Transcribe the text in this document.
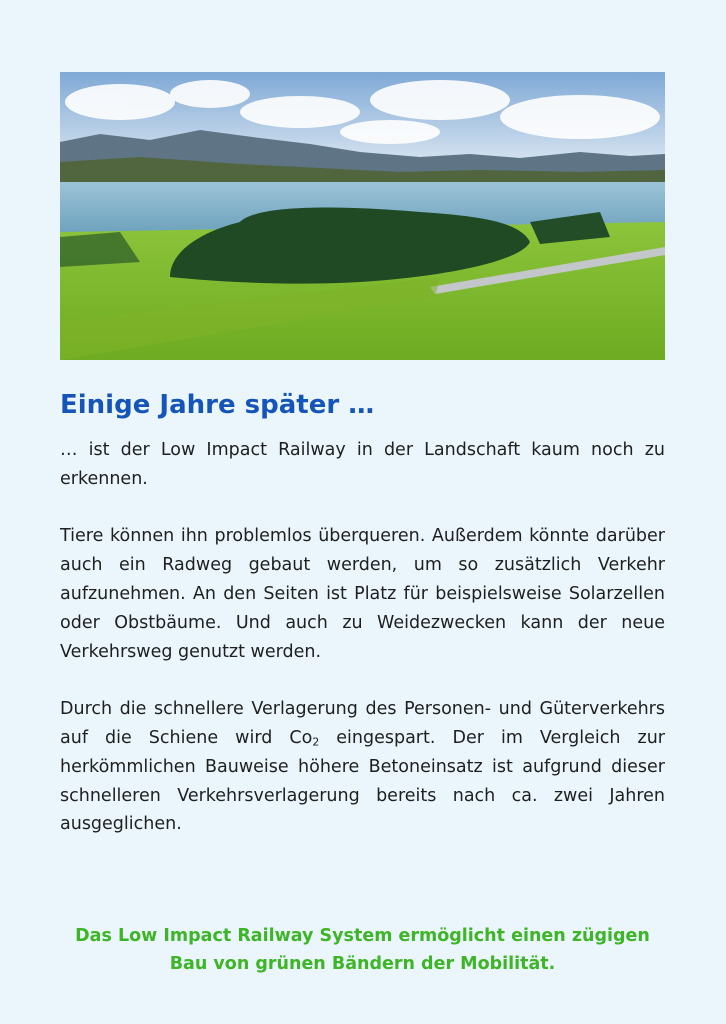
Einige Jahre später …

… ist der Low Impact Railway in der Landschaft kaum noch zu erkennen.

Tiere können ihn problemlos überqueren. Außerdem könnte darüber auch ein Radweg gebaut werden, um so zusätzlich Verkehr aufzunehmen. An den Seiten ist Platz für beispielsweise Solarzellen oder Obstbäume. Und auch zu Weidezwecken kann der neue Verkehrsweg genutzt werden.

Durch die schnellere Verlagerung des Personen- und Güterverkehrs auf die Schiene wird $Co_2$ eingespart. Der im Vergleich zur herkömmlichen Bauweise höhere Betoneinsatz ist aufgrund dieser schnelleren Verkehrsverlagerung bereits nach ca. zwei Jahren ausgeglichen.

Das Low Impact Railway System ermöglicht einen zügigen Bau von grünen Bändern der Mobilität.
